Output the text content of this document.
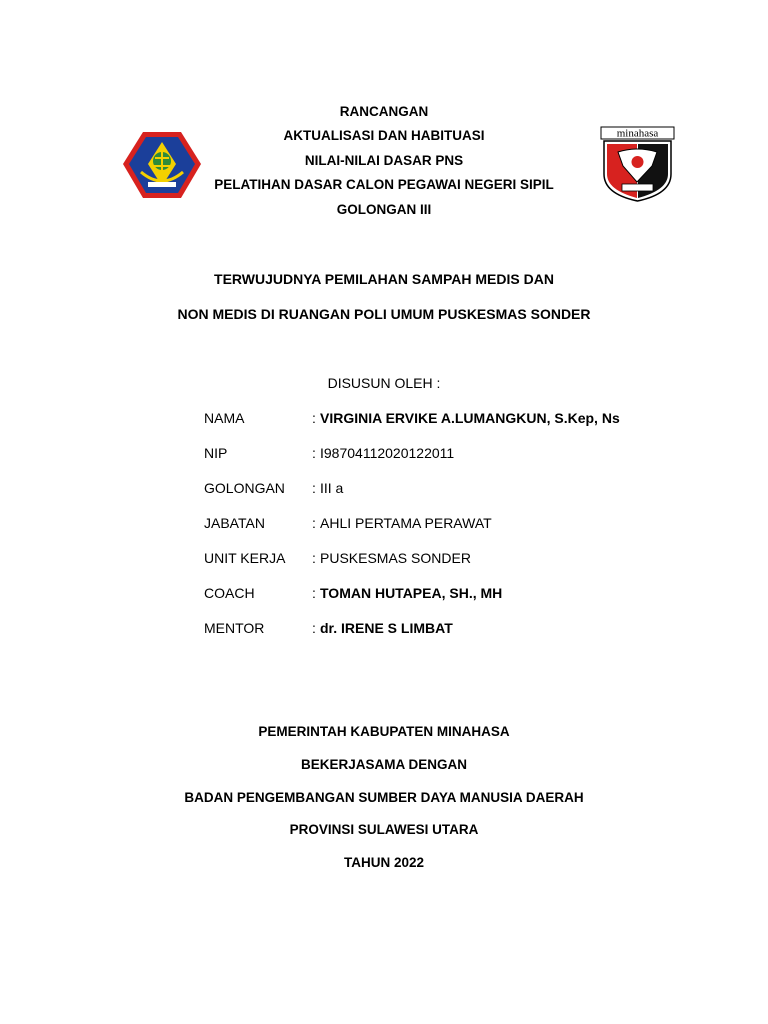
minahasa
RANCANGAN
AKTUALISASI DAN HABITUASI
NILAI-NILAI DASAR PNS
PELATIHAN DASAR CALON PEGAWAI NEGERI SIPIL
GOLONGAN III
TERWUJUDNYA PEMILAHAN SAMPAH MEDIS DAN
NON MEDIS DI RUANGAN POLI UMUM PUSKESMAS SONDER
DISUSUN OLEH :
NAMA	: VIRGINIA ERVIKE A.LUMANGKUN, S.Kep, Ns
NIP	: I98704112020122011
GOLONGAN : III a
JABATAN	: AHLI PERTAMA PERAWAT
UNIT KERJA : PUSKESMAS SONDER
COACH	: TOMAN HUTAPEA, SH., MH
MENTOR	: dr. IRENE S LIMBAT
PEMERINTAH KABUPATEN MINAHASA
BEKERJASAMA DENGAN
BADAN PENGEMBANGAN SUMBER DAYA MANUSIA DAERAH
PROVINSI SULAWESI UTARA
TAHUN 2022
